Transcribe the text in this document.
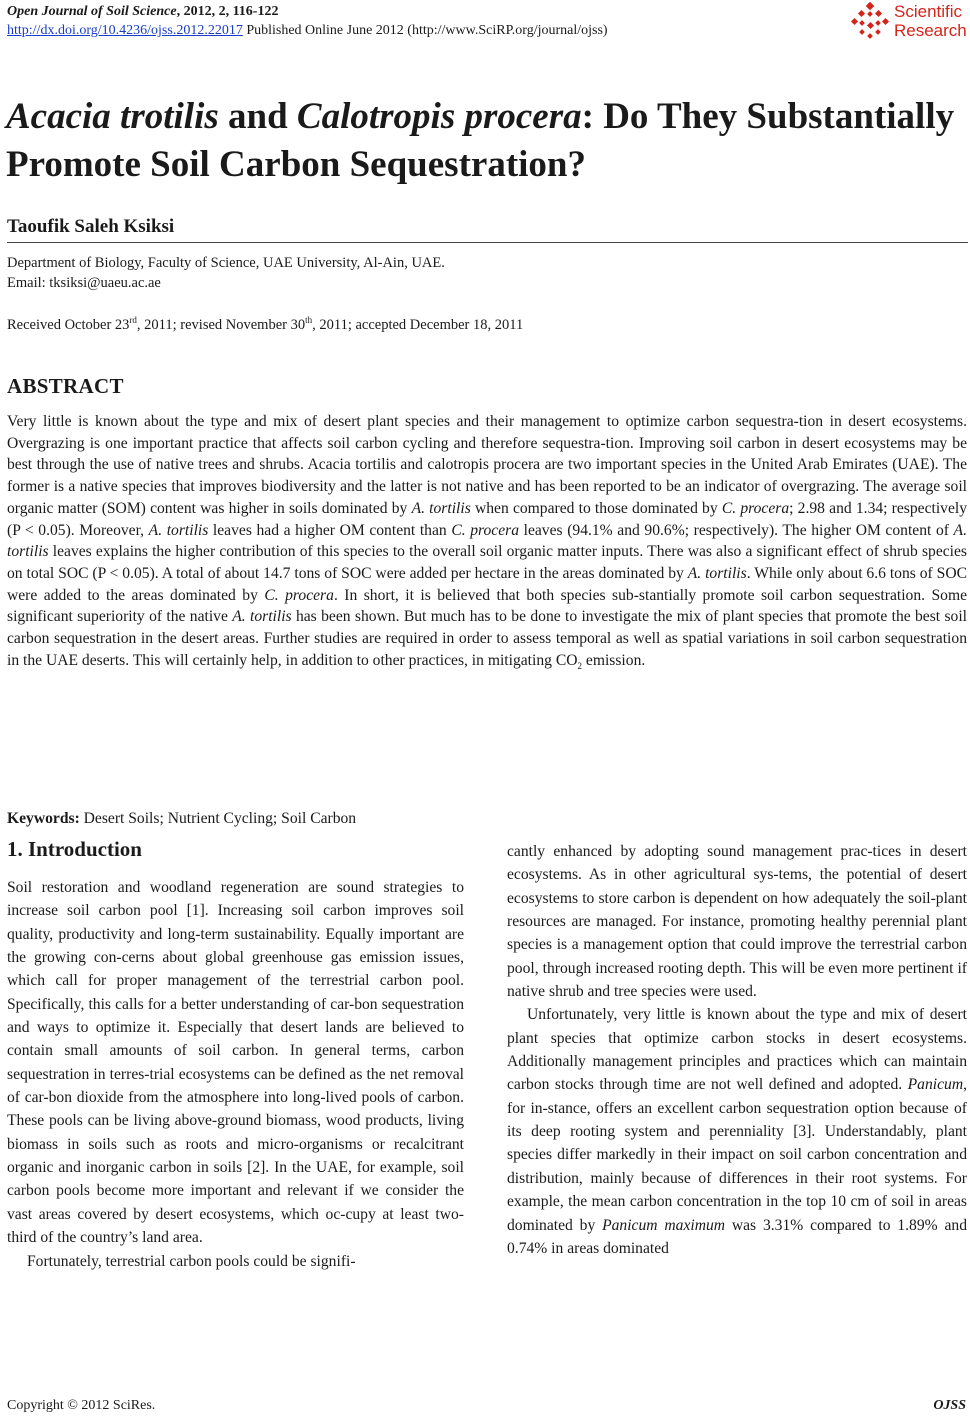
Open Journal of Soil Science, 2012, 2, 116-122
http://dx.doi.org/10.4236/ojss.2012.22017 Published Online June 2012 (http://www.SciRP.org/journal/ojss)
Scientific
Research
Acacia trotilis and Calotropis procera: Do They Substantially Promote Soil Carbon Sequestration?
Taoufik Saleh Ksiksi
Department of Biology, Faculty of Science, UAE University, Al-Ain, UAE.
Email: tksiksi@uaeu.ac.ae
Received October 23rd, 2011; revised November 30th, 2011; accepted December 18, 2011
ABSTRACT
Very little is known about the type and mix of desert plant species and their management to optimize carbon sequestra-tion in desert ecosystems. Overgrazing is one important practice that affects soil carbon cycling and therefore sequestra-tion. Improving soil carbon in desert ecosystems may be best through the use of native trees and shrubs. Acacia tortilis and calotropis procera are two important species in the United Arab Emirates (UAE). The former is a native species that improves biodiversity and the latter is not native and has been reported to be an indicator of overgrazing. The average soil organic matter (SOM) content was higher in soils dominated by A. tortilis when compared to those dominated by C. procera; 2.98 and 1.34; respectively (P < 0.05). Moreover, A. tortilis leaves had a higher OM content than C. procera leaves (94.1% and 90.6%; respectively). The higher OM content of A. tortilis leaves explains the higher contribution of this species to the overall soil organic matter inputs. There was also a significant effect of shrub species on total SOC (P < 0.05). A total of about 14.7 tons of SOC were added per hectare in the areas dominated by A. tortilis. While only about 6.6 tons of SOC were added to the areas dominated by C. procera. In short, it is believed that both species sub-stantially promote soil carbon sequestration. Some significant superiority of the native A. tortilis has been shown. But much has to be done to investigate the mix of plant species that promote the best soil carbon sequestration in the desert areas. Further studies are required in order to assess temporal as well as spatial variations in soil carbon sequestration in the UAE deserts. This will certainly help, in addition to other practices, in mitigating $CO_2$ emission.
Keywords: Desert Soils; Nutrient Cycling; Soil Carbon
1. Introduction

Soil restoration and woodland regeneration are sound strategies to increase soil carbon pool [1]. Increasing soil carbon improves soil quality, productivity and long-term sustainability. Equally important are the growing con-cerns about global greenhouse gas emission issues, which call for proper management of the terrestrial carbon pool. Specifically, this calls for a better understanding of car-bon sequestration and ways to optimize it. Especially that desert lands are believed to contain small amounts of soil carbon. In general terms, carbon sequestration in terres-trial ecosystems can be defined as the net removal of car-bon dioxide from the atmosphere into long-lived pools of carbon. These pools can be living above-ground biomass, wood products, living biomass in soils such as roots and micro-organisms or recalcitrant organic and inorganic carbon in soils [2]. In the UAE, for example, soil carbon pools become more important and relevant if we consider the vast areas covered by desert ecosystems, which oc-cupy at least two-third of the country’s land area.

Fortunately, terrestrial carbon pools could be signifi-

cantly enhanced by adopting sound management prac-tices in desert ecosystems. As in other agricultural sys-tems, the potential of desert ecosystems to store carbon is dependent on how adequately the soil-plant resources are managed. For instance, promoting healthy perennial plant species is a management option that could improve the terrestrial carbon pool, through increased rooting depth. This will be even more pertinent if native shrub and tree species were used.

Unfortunately, very little is known about the type and mix of desert plant species that optimize carbon stocks in desert ecosystems. Additionally management principles and practices which can maintain carbon stocks through time are not well defined and adopted. Panicum, for in-stance, offers an excellent carbon sequestration option because of its deep rooting system and perenniality [3]. Understandably, plant species differ markedly in their impact on soil carbon concentration and distribution, mainly because of differences in their root systems. For example, the mean carbon concentration in the top 10 cm of soil in areas dominated by Panicum maximum was 3.31% compared to 1.89% and 0.74% in areas dominated

Copyright © 2012 SciRes.	OJSS
